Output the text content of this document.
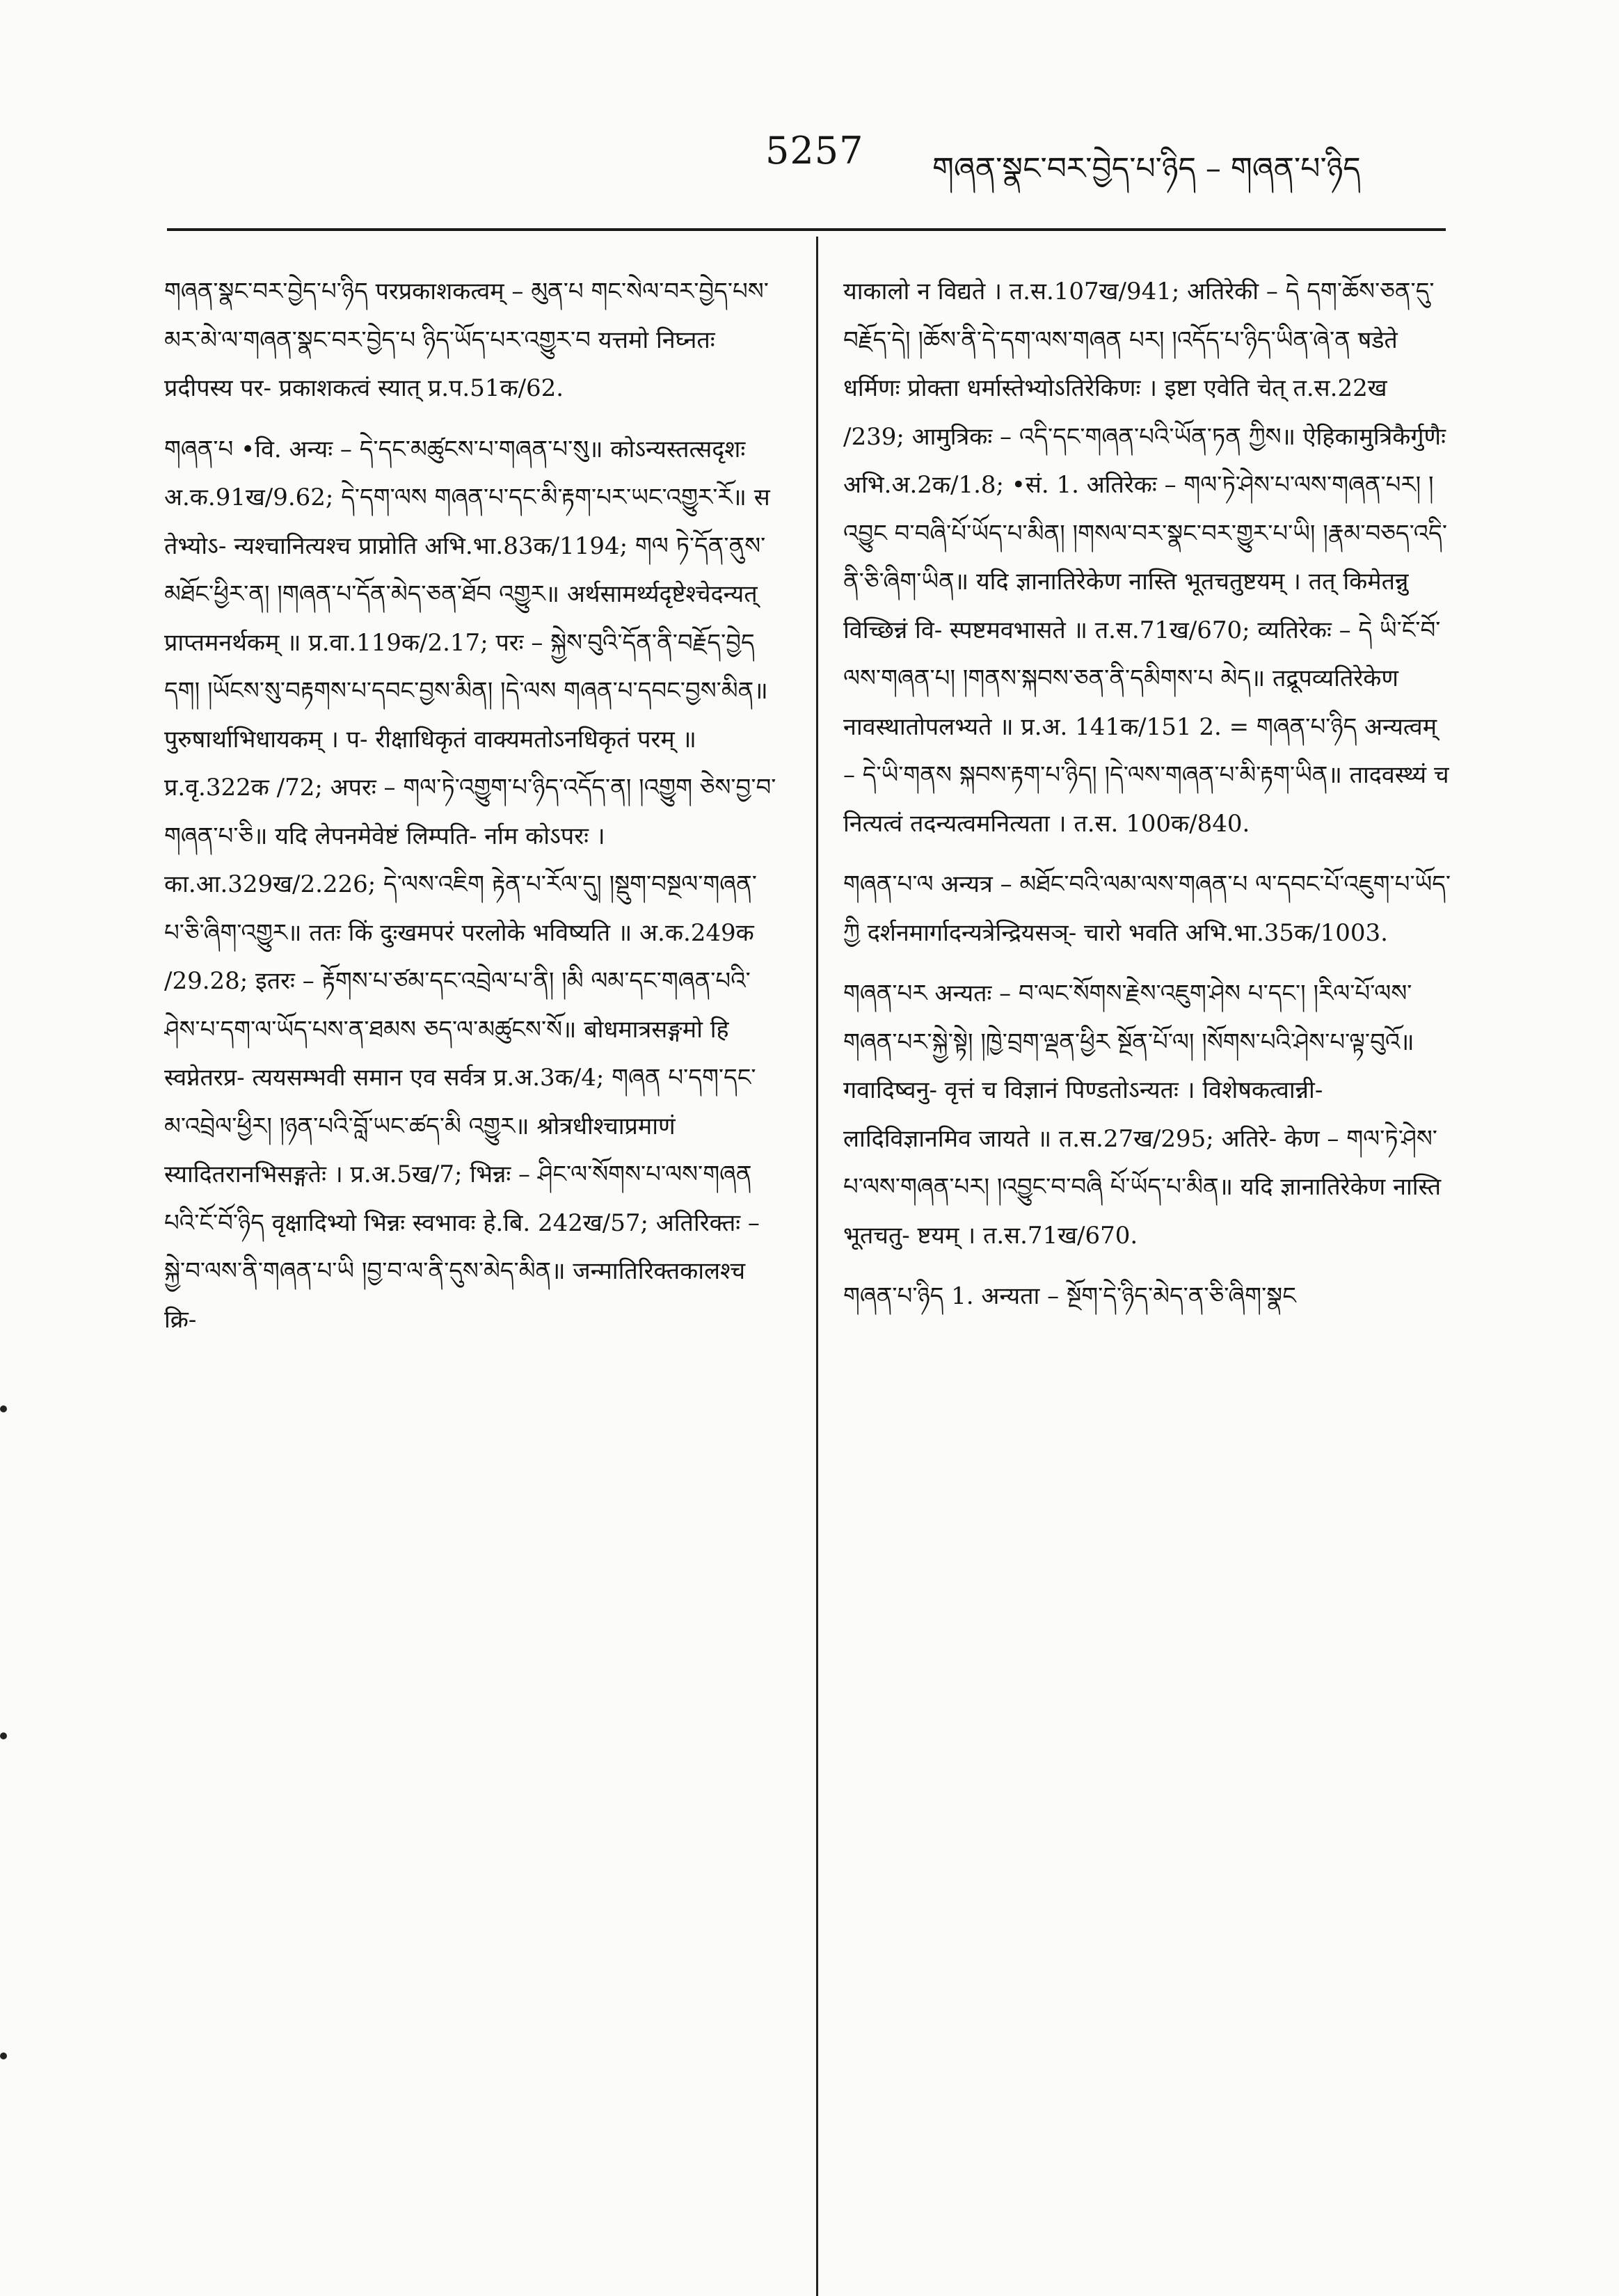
5257 གཞན་སྣང་བར་བྱེད་པ་ཉིད – གཞན་པ་ཉིད

གཞན་སྣང་བར་བྱེད་པ་ཉིད परप्रकाशकत्वम् – མུན་པ གང་སེལ་བར་བྱེད་པས་མར་མེ་ལ་གཞན་སྣང་བར་བྱེད་པ ཉིད་ཡོད་པར་འགྱུར་བ यत्तमो निघ्नतः प्रदीपस्य पर- प्रकाशकत्वं स्यात् प्र.प.51क/62.

གཞན་པ •वि. अन्यः – དེ་དང་མཚུངས་པ་གཞན་པ་སུ॥ कोऽन्यस्तत्सदृशः अ.क.91ख/9.62; དེ་དག་ལས གཞན་པ་དང་མི་རྟག་པར་ཡང་འགྱུར་རོ॥ स तेभ्योऽ- न्यश्चानित्यश्च प्राप्नोति अभि.भा.83क/1194; གལ ཏེ་དོན་ནུས་མཐོང་ཕྱིར་ན། །གཞན་པ་དོན་མེད་ཅན་ཐོབ འགྱུར॥ अर्थसामर्थ्यदृष्टेश्चेदन्यत् प्राप्तमनर्थकम् ॥ प्र.वा.119क/2.17; परः – སྐྱེས་བུའི་དོན་ནི་བརྗོད་བྱེད དག། །ཡོངས་སུ་བརྟགས་པ་དབང་བྱས་མིན། །དེ་ལས གཞན་པ་དབང་བྱས་མིན॥ पुरुषार्थाभिधायकम् । प- रीक्षाधिकृतं वाक्यमतोऽनधिकृतं परम् ॥ प्र.वृ.322क /72; अपरः – གལ་ཏེ་འགྱུག་པ་ཉིད་འདོད་ན། །འགྱུག ཅེས་བྱ་བ་གཞན་པ་ཅི॥ यदि लेपनमेवेष्टं लिम्पति- र्नाम कोऽपरः । का.आ.329ख/2.226; དེ་ལས་འཇིག རྟེན་པ་རོལ་དུ། །སྡུག་བསྔལ་གཞན་པ་ཅི་ཞིག་འགྱུར॥ ततः किं दुःखमपरं परलोके भविष्यति ॥ अ.क.249क /29.28; इतरः – རྟོགས་པ་ཙམ་དང་འབྲེལ་པ་ནི། །མི ལམ་དང་གཞན་པའི་ཤེས་པ་དག་ལ་ཡོད་པས་ན་ཐམས ཅད་ལ་མཚུངས་སོ॥ बोधमात्रसङ्गमो हि स्वप्नेतरप्र- त्ययसम्भवी समान एव सर्वत्र प्र.अ.3क/4; གཞན པ་དག་དང་མ་འབྲེལ་ཕྱིར། །ཉན་པའི་བློ་ཡང་ཚད་མི འགྱུར॥ श्रोत्रधीश्चाप्रमाणं स्यादितरानभिसङ्गतेः । प्र.अ.5ख/7; भिन्नः – ཤིང་ལ་སོགས་པ་ལས་གཞན པའི་ངོ་བོ་ཉིད वृक्षादिभ्यो भिन्नः स्वभावः हे.बि. 242ख/57; अतिरिक्तः – སྐྱེ་བ་ལས་ནི་གཞན་པ་ཡི །བྱ་བ་ལ་ནི་དུས་མེད་མིན॥ जन्मातिरिक्तकालश्च क्रि-

याकालो न विद्यते । त.स.107ख/941; अतिरेकी – དེ དག་ཆོས་ཅན་དུ་བརྗོད་དེ། །ཆོས་ནི་དེ་དག་ལས་གཞན པར། །འདོད་པ་ཉིད་ཡིན་ཞེ་ན षडेते धर्मिणः प्रोक्ता धर्मास्तेभ्योऽतिरेकिणः । इष्टा एवेति चेत् त.स.22ख /239; आमुत्रिकः – འདི་དང་གཞན་པའི་ཡོན་ཏན ཀྱིས॥ ऐहिकामुत्रिकैर्गुणैः अभि.अ.2क/1.8; •सं. 1. अतिरेकः – གལ་ཏེ་ཤེས་པ་ལས་གཞན་པར། །འབྱུང བ་བཞི་པོ་ཡོད་པ་མིན། །གསལ་བར་སྣང་བར་གྱུར་པ་ཡི། །རྣམ་བཅད་འདི་ནི་ཅི་ཞིག་ཡིན॥ यदि ज्ञानातिरेकेण नास्ति भूतचतुष्टयम् । तत् किमेतन्नु विच्छिन्नं वि- स्पष्टमवभासते ॥ त.स.71ख/670; व्यतिरेकः – དེ ཡི་ངོ་བོ་ལས་གཞན་པ། །གནས་སྐབས་ཅན་ནི་དམིགས་པ མེད॥ तद्रूपव्यतिरेकेण नावस्थातोपलभ्यते ॥ प्र.अ. 141क/151 2. = གཞན་པ་ཉིད अन्यत्वम् – དེ་ཡི་གནས སྐབས་རྟག་པ་ཉིད། །དེ་ལས་གཞན་པ་མི་རྟག་ཡིན॥ तादवस्थ्यं च नित्यत्वं तदन्यत्वमनित्यता । त.स. 100क/840.

གཞན་པ་ལ अन्यत्र – མཐོང་བའི་ལམ་ལས་གཞན་པ ལ་དབང་པོ་འཇུག་པ་ཡོད་ཀྱི दर्शनमार्गादन्यत्रेन्द्रियसञ्- चारो भवति अभि.भा.35क/1003.

གཞན་པར अन्यतः – བ་ལང་སོགས་རྗེས་འཇུག་ཤེས པ་དང་། །རིལ་པོ་ལས་གཞན་པར་སྐྱེ་སྟེ། །ཁྱེ་བྲག་ལྡན་ཕྱིར སྔོན་པོ་ལ། །སོགས་པའི་ཤེས་པ་ལྟ་བུའོ॥ गवादिष्वनु- वृत्तं च विज्ञानं पिण्डतोऽन्यतः । विशेषकत्वान्नी- लादिविज्ञानमिव जायते ॥ त.स.27ख/295; अतिरे- केण – གལ་ཏེ་ཤེས་པ་ལས་གཞན་པར། །འབྱུང་བ་བཞི པོ་ཡོད་པ་མིན॥ यदि ज्ञानातिरेकेण नास्ति भूतचतु- ष्टयम् । त.स.71ख/670.

གཞན་པ་ཉིད 1. अन्यता – སྔོག་དེ་ཉིད་མེད་ན་ཅི་ཞིག་སྣང
